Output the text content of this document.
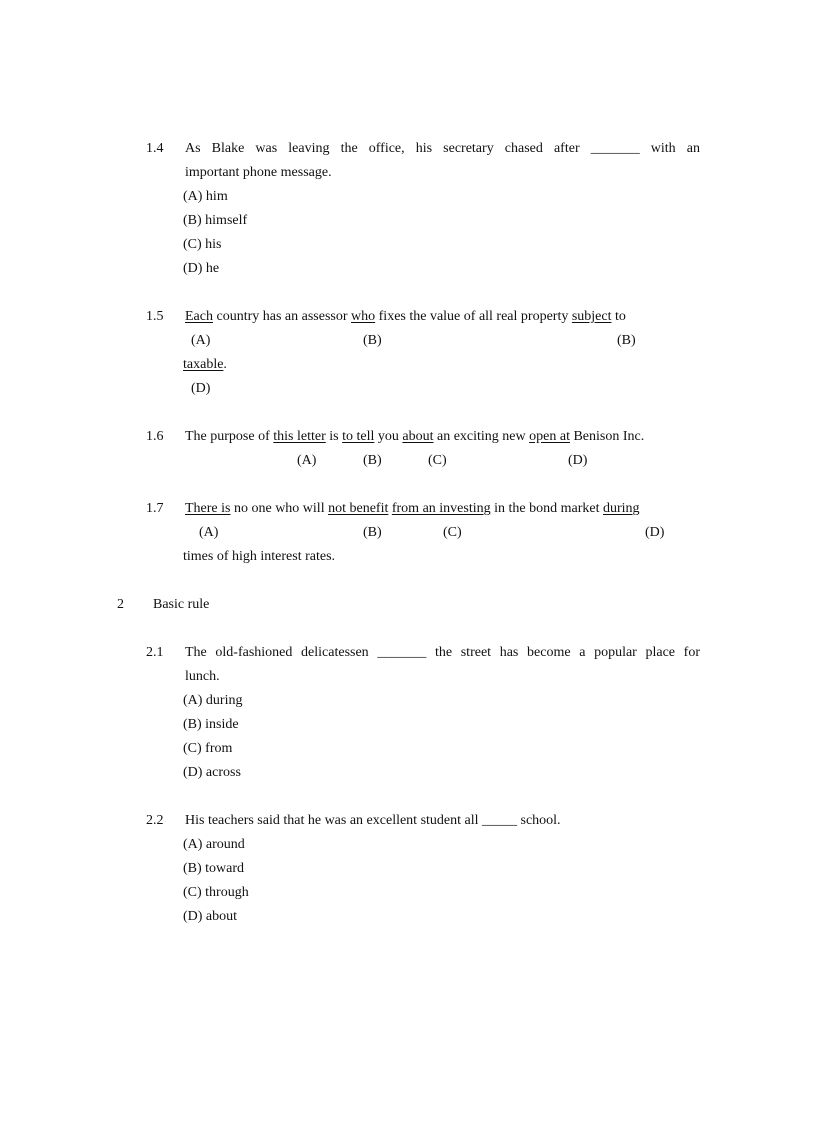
1.4 As Blake was leaving the office, his secretary chased after _______ with an
important phone message.
(A) him
(B) himself
(C) his
(D) he
1.5 Each country has an assessor who fixes the value of all real property subject to
(A)	(B)	(B)
taxable.
(D)
1.6 The purpose of this letter is to tell you about an exciting new open at Benison Inc.
(A)	(B)	(C)	(D)
1.7 There is no one who will not benefit from an investing in the bond market during
(A)	(B)	(C)	(D)
times of high interest rates.
2 Basic rule
2.1 The old-fashioned delicatessen _______ the street has become a popular place for
lunch.
(A) during
(B) inside
(C) from
(D) across
2.2 His teachers said that he was an excellent student all _____ school.
(A) around
(B) toward
(C) through
(D) about
